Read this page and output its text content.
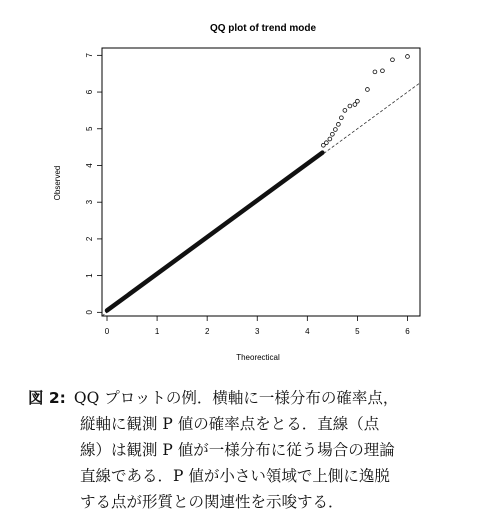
QQ plot of trend mode
0	1	2	3	4	5	6
0
1
2
3
4
5
6
7
Theorectical
Observed
図 2: QQ プロットの例．横軸に一様分布の確率点，
縦軸に観測 P 値の確率点をとる．直線（点
線）は観測 P 値が一様分布に従う場合の理論
直線である．P 値が小さい領域で上側に逸脱
する点が形質との関連性を示唆する．
